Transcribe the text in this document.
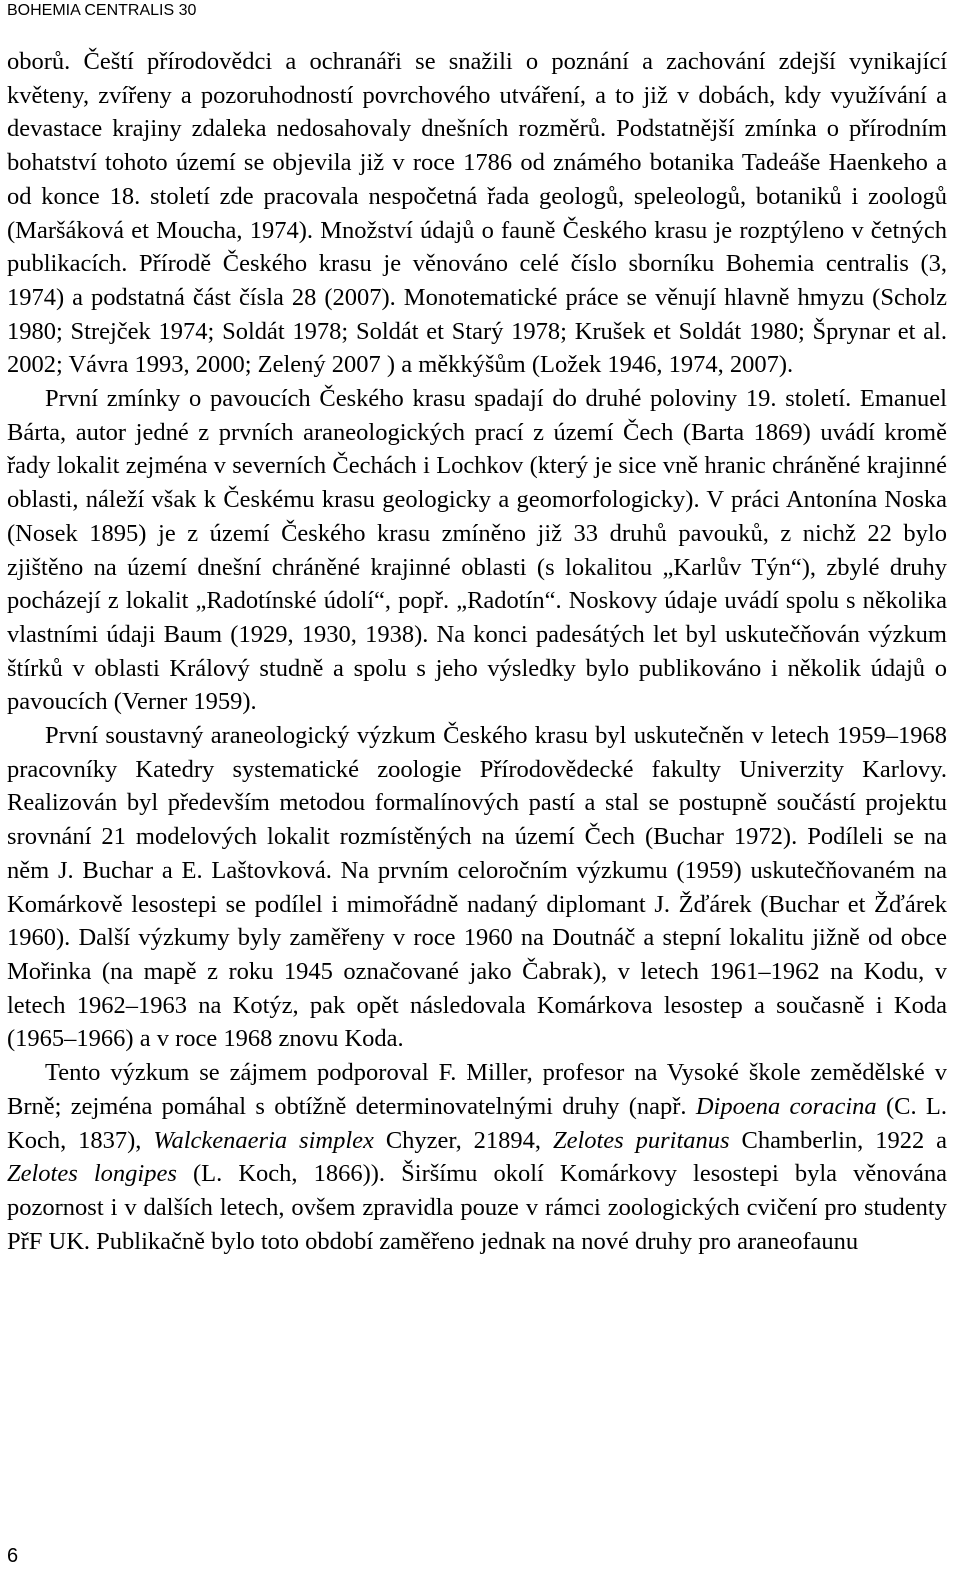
BOHEMIA CENTRALIS 30

oborů. Čeští přírodovědci a ochranáři se snažili o poznání a zachování zdejší vynikající květeny, zvířeny a pozoruhodností povrchového utváření, a to již v dobách, kdy využívání a devastace krajiny zdaleka nedosahovaly dnešních rozměrů. Podstatnější zmínka o přírodním bohatství tohoto území se objevila již v roce 1786 od známého botanika Tadeáše Haenkeho a od konce 18. století zde pracovala nespočetná řada geologů, speleologů, botaniků i zoologů (Maršáková et Moucha, 1974). Množství údajů o fauně Českého krasu je rozptýleno v četných publikacích. Přírodě Českého krasu je věnováno celé číslo sborníku Bohemia centralis (3, 1974) a podstatná část čísla 28 (2007). Monotematické práce se věnují hlavně hmyzu (Scholz 1980; Strejček 1974; Soldát 1978; Soldát et Starý 1978; Krušek et Soldát 1980; Šprynar et al. 2002; Vávra 1993, 2000; Zelený 2007 ) a měkkýšům (Ložek 1946, 1974, 2007).

První zmínky o pavoucích Českého krasu spadají do druhé poloviny 19. století. Emanuel Bárta, autor jedné z prvních araneologických prací z území Čech (Barta 1869) uvádí kromě řady lokalit zejména v severních Čechách i Lochkov (který je sice vně hranic chráněné krajinné oblasti, náleží však k Českému krasu geologicky a geomorfologicky). V práci Antonína Noska (Nosek 1895) je z území Českého krasu zmíněno již 33 druhů pavouků, z nichž 22 bylo zjištěno na území dnešní chráněné krajinné oblasti (s lokalitou „Karlův Týn“), zbylé druhy pocházejí z lokalit „Radotínské údolí“, popř. „Radotín“. Noskovy údaje uvádí spolu s několika vlastními údaji Baum (1929, 1930, 1938). Na konci padesátých let byl uskutečňován výzkum štírků v oblasti Králový studně a spolu s jeho výsledky bylo publikováno i několik údajů o pavoucích (Verner 1959).

První soustavný araneologický výzkum Českého krasu byl uskutečněn v letech 1959–1968 pracovníky Katedry systematické zoologie Přírodovědecké fakulty Univerzity Karlovy. Realizován byl především metodou formalínových pastí a stal se postupně součástí projektu srovnání 21 modelových lokalit rozmístěných na území Čech (Buchar 1972). Podíleli se na něm J. Buchar a E. Laštovková. Na prvním celoročním výzkumu (1959) uskutečňovaném na Komárkově lesostepi se podílel i mimořádně nadaný diplomant J. Žďárek (Buchar et Žďárek 1960). Další výzkumy byly zaměřeny v roce 1960 na Doutnáč a stepní lokalitu jižně od obce Mořinka (na mapě z roku 1945 označované jako Čabrak), v letech 1961–1962 na Kodu, v letech 1962–1963 na Kotýz, pak opět následovala Komárkova lesostep a současně i Koda (1965–1966) a v roce 1968 znovu Koda.

Tento výzkum se zájmem podporoval F. Miller, profesor na Vysoké škole zemědělské v Brně; zejména pomáhal s obtížně determinovatelnými druhy (např. Dipoena coracina (C. L. Koch, 1837), Walckenaeria simplex Chyzer, 21894, Zelotes puritanus Chamberlin, 1922 a Zelotes longipes (L. Koch, 1866)). Širšímu okolí Komárkovy lesostepi byla věnována pozornost i v dalších letech, ovšem zpravidla pouze v rámci zoologických cvičení pro studenty PřF UK. Publikačně bylo toto období zaměřeno jednak na nové druhy pro araneofaunu

6
